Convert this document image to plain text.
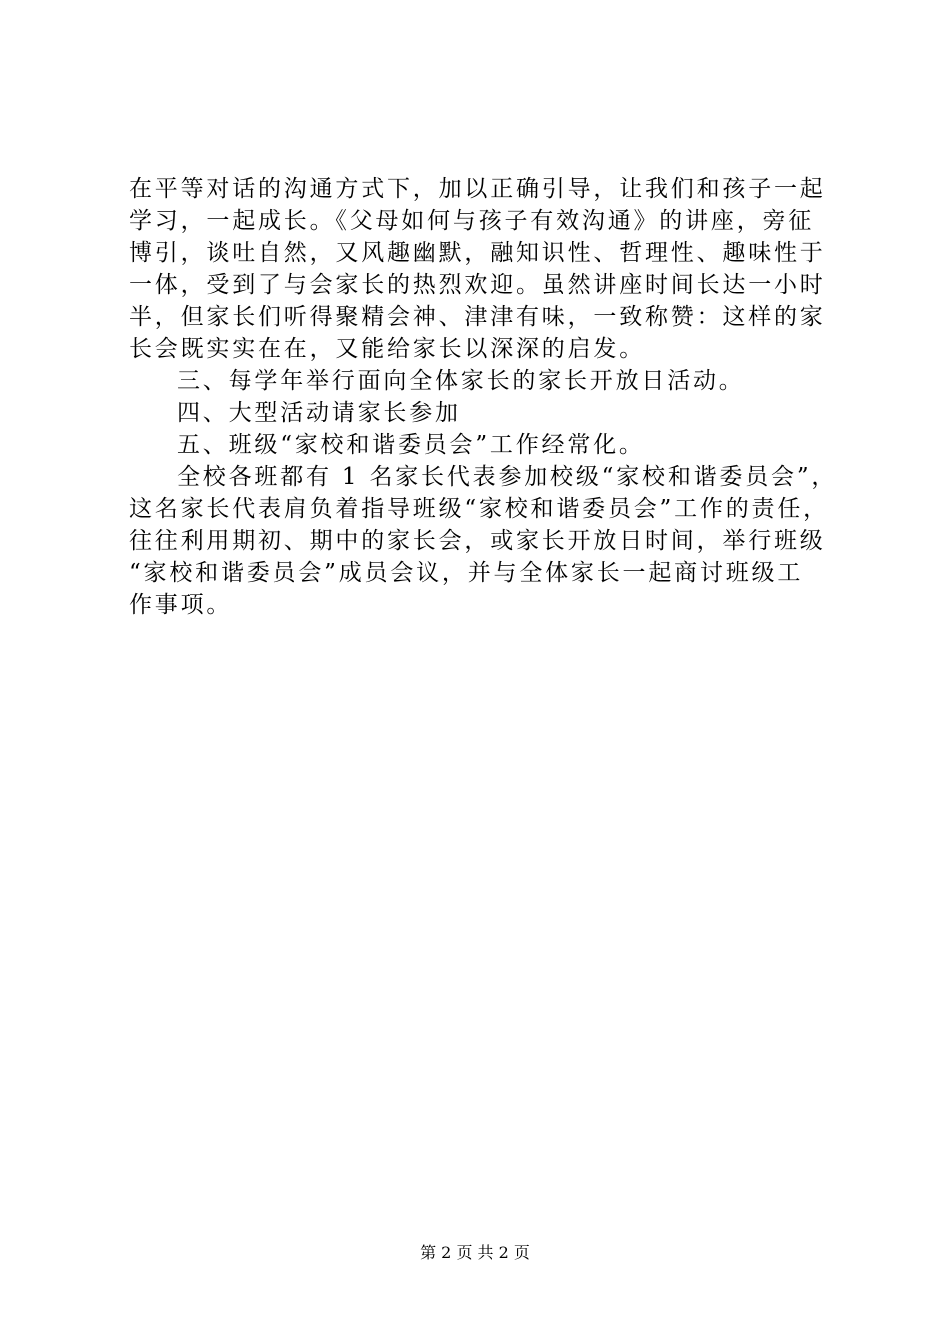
在平等对话的沟通方式下，加以正确引导，让我们和孩子一起
学习，一起成长。《父母如何与孩子有效沟通》的讲座，旁征
博引，谈吐自然，又风趣幽默，融知识性、哲理性、趣味性于
一体，受到了与会家长的热烈欢迎。虽然讲座时间长达一小时
半，但家长们听得聚精会神、津津有味，一致称赞：这样的家
长会既实实在在，又能给家长以深深的启发。
三、每学年举行面向全体家长的家长开放日活动。
四、大型活动请家长参加
五、班级“家校和谐委员会”工作经常化。
全校各班都有 1 名家长代表参加校级“家校和谐委员会”，
这名家长代表肩负着指导班级“家校和谐委员会”工作的责任，
往往利用期初、期中的家长会，或家长开放日时间，举行班级
“家校和谐委员会”成员会议，并与全体家长一起商讨班级工
作事项。
第 2 页 共 2 页
